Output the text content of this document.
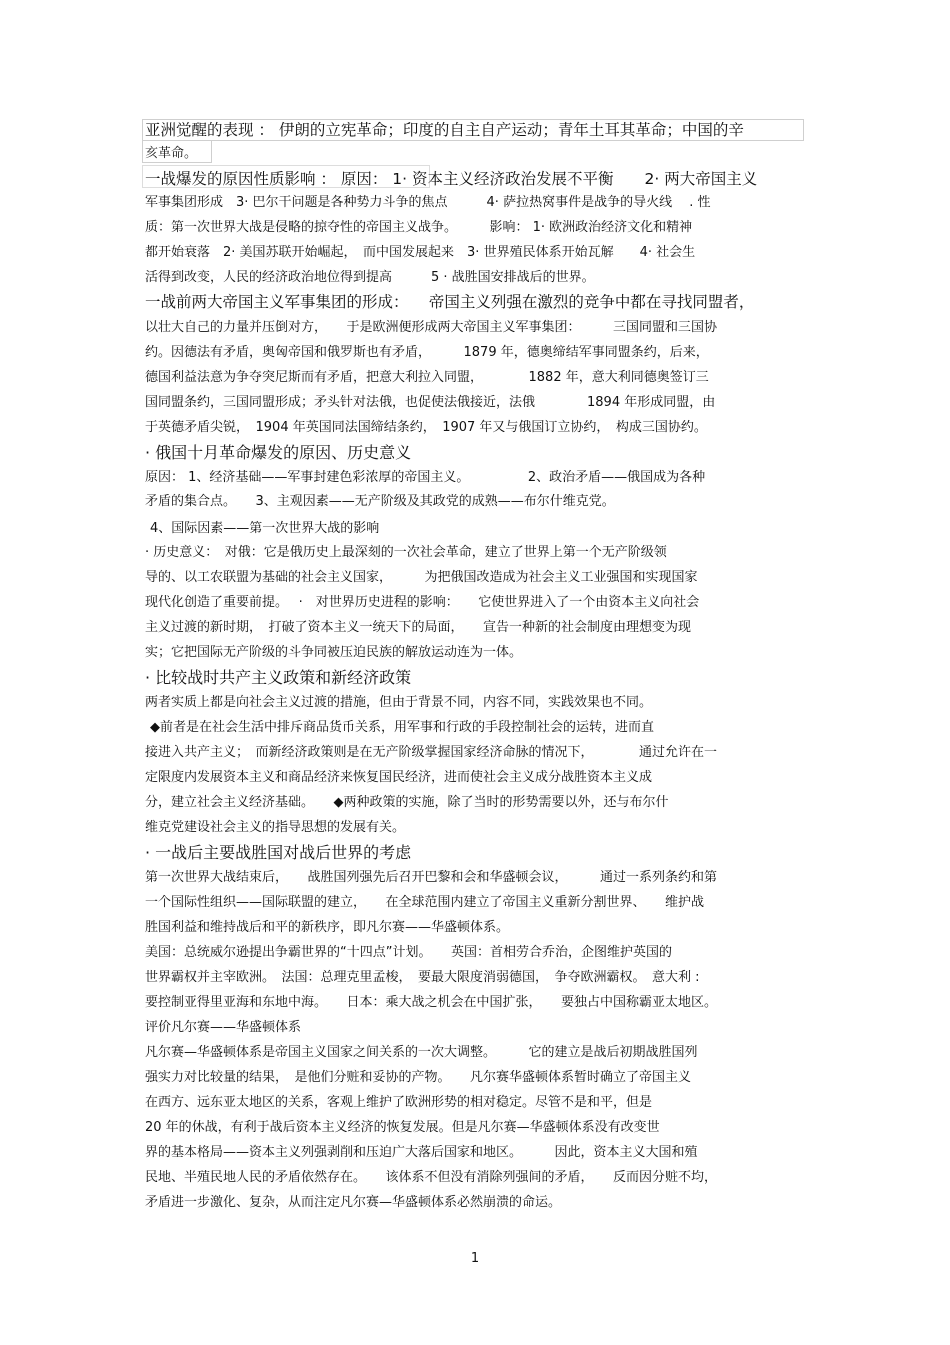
亚洲觉醒的表现 ： 伊朗的立宪革命；印度的自主自产运动；青年土耳其革命；中国的辛
亥革命。
一战爆发的原因性质影响 ： 原因： 1· 资本主义经济政治发展不平衡　　2· 两大帝国主义
军事集团形成　3· 巴尔干问题是各种势力斗争的焦点　　　4· 萨拉热窝事件是战争的导火线　 . 性
质：第一次世界大战是侵略的掠夺性的帝国主义战争。　　　影响： 1· 欧洲政治经济文化和精神
都开始衰落　2· 美国苏联开始崛起，　而中国发展起来　3· 世界殖民体系开始瓦解　　4· 社会生
活得到改变，人民的经济政治地位得到提高　　　5 · 战胜国安排战后的世界。
一战前两大帝国主义军事集团的形成： 　帝国主义列强在激烈的竞争中都在寻找同盟者，
以壮大自己的力量并压倒对方，　　于是欧洲便形成两大帝国主义军事集团：　　　三国同盟和三国协
约。因德法有矛盾，奥匈帝国和俄罗斯也有矛盾，　　　1879 年，德奥缔结军事同盟条约，后来，
德国利益法意为争夺突尼斯而有矛盾，把意大利拉入同盟，　　　　1882 年，意大利同德奥签订三
国同盟条约，三国同盟形成；矛头针对法俄，也促使法俄接近，法俄　　　　1894 年形成同盟，由
于英德矛盾尖锐，　1904 年英国同法国缔结条约，　1907 年又与俄国订立协约，　构成三国协约。
· 俄国十月革命爆发的原因、历史意义
原因： 1、经济基础——军事封建色彩浓厚的帝国主义。　　　　　2、政治矛盾——俄国成为各种
矛盾的集合点。　　3、主观因素——无产阶级及其政党的成熟——布尔什维克党。
4、国际因素——第一次世界大战的影响
· 历史意义：　对俄：它是俄历史上最深刻的一次社会革命，建立了世界上第一个无产阶级领
导的、以工农联盟为基础的社会主义国家，　　　为把俄国改造成为社会主义工业强国和实现国家
现代化创造了重要前提。　 ·　对世界历史进程的影响：　　它使世界进入了一个由资本主义向社会
主义过渡的新时期，　打破了资本主义一统天下的局面，　　宣告一种新的社会制度由理想变为现
实；它把国际无产阶级的斗争同被压迫民族的解放运动连为一体。
· 比较战时共产主义政策和新经济政策
两者实质上都是向社会主义过渡的措施，但由于背景不同，内容不同，实践效果也不同。
◆前者是在社会生活中排斥商品货币关系，用军事和行政的手段控制社会的运转，进而直
接进入共产主义；　而新经济政策则是在无产阶级掌握国家经济命脉的情况下，　　　　通过允许在一
定限度内发展资本主义和商品经济来恢复国民经济，进而使社会主义成分战胜资本主义成
分，建立社会主义经济基础。　　◆两种政策的实施，除了当时的形势需要以外，还与布尔什
维克党建设社会主义的指导思想的发展有关。
· 一战后主要战胜国对战后世界的考虑
第一次世界大战结束后，　　战胜国列强先后召开巴黎和会和华盛顿会议，　　　通过一系列条约和第
一个国际性组织——国际联盟的建立，　　在全球范围内建立了帝国主义重新分割世界、　　维护战
胜国利益和维持战后和平的新秩序，即凡尔赛——华盛顿体系。
美国：总统威尔逊提出争霸世界的“十四点”计划。　　英国：首相劳合乔治，企图维护英国的
世界霸权并主宰欧洲。　法国：总理克里孟梭，　要最大限度消弱德国，　争夺欧洲霸权。　意大利 :
要控制亚得里亚海和东地中海。　　日本：乘大战之机会在中国扩张，　　要独占中国称霸亚太地区。
评价凡尔赛——华盛顿体系
凡尔赛—华盛顿体系是帝国主义国家之间关系的一次大调整。　　　它的建立是战后初期战胜国列
强实力对比较量的结果，　是他们分赃和妥协的产物。　　凡尔赛华盛顿体系暂时确立了帝国主义
在西方、远东亚太地区的关系，客观上维护了欧洲形势的相对稳定。尽管不是和平，但是
20 年的休战，有利于战后资本主义经济的恢复发展。但是凡尔赛—华盛顿体系没有改变世
界的基本格局——资本主义列强剥削和压迫广大落后国家和地区。　　　因此，资本主义大国和殖
民地、半殖民地人民的矛盾依然存在。　　该体系不但没有消除列强间的矛盾，　　反而因分赃不均，
矛盾进一步激化、复杂，从而注定凡尔赛—华盛顿体系必然崩溃的命运。
1
